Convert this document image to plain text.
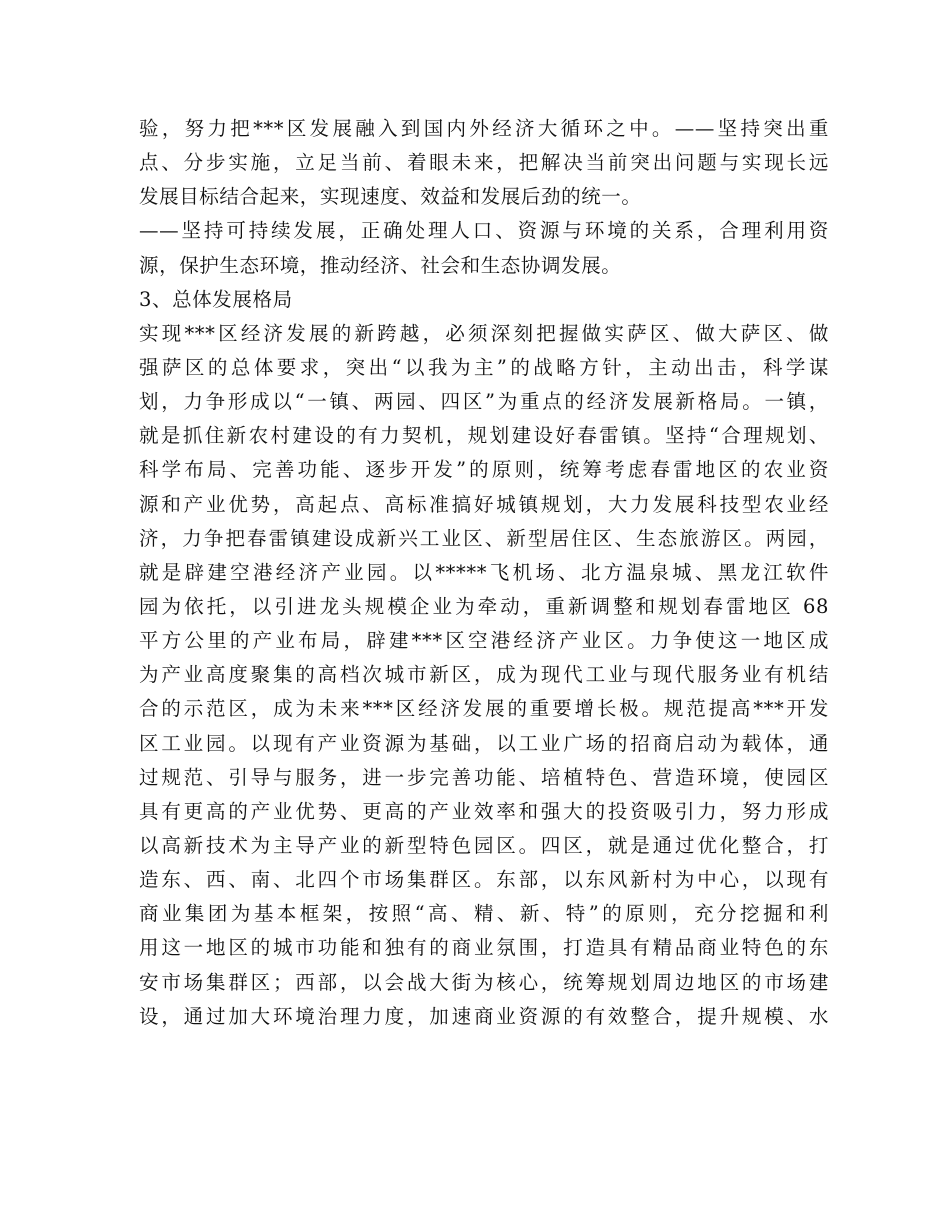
验，努力把***区发展融入到国内外经济大循环之中。——坚持突出重
点、分步实施，立足当前、着眼未来，把解决当前突出问题与实现长远
发展目标结合起来，实现速度、效益和发展后劲的统一。
——坚持可持续发展，正确处理人口、资源与环境的关系，合理利用资
源，保护生态环境，推动经济、社会和生态协调发展。
3、总体发展格局
实现***区经济发展的新跨越，必须深刻把握做实萨区、做大萨区、做
强萨区的总体要求，突出“以我为主”的战略方针，主动出击，科学谋
划，力争形成以“一镇、两园、四区”为重点的经济发展新格局。一镇，
就是抓住新农村建设的有力契机，规划建设好春雷镇。坚持“合理规划、
科学布局、完善功能、逐步开发”的原则，统筹考虑春雷地区的农业资
源和产业优势，高起点、高标准搞好城镇规划，大力发展科技型农业经
济，力争把春雷镇建设成新兴工业区、新型居住区、生态旅游区。两园，
就是辟建空港经济产业园。以*****飞机场、北方温泉城、黑龙江软件
园为依托，以引进龙头规模企业为牵动，重新调整和规划春雷地区 68
平方公里的产业布局，辟建***区空港经济产业区。力争使这一地区成
为产业高度聚集的高档次城市新区，成为现代工业与现代服务业有机结
合的示范区，成为未来***区经济发展的重要增长极。规范提高***开发
区工业园。以现有产业资源为基础，以工业广场的招商启动为载体，通
过规范、引导与服务，进一步完善功能、培植特色、营造环境，使园区
具有更高的产业优势、更高的产业效率和强大的投资吸引力，努力形成
以高新技术为主导产业的新型特色园区。四区，就是通过优化整合，打
造东、西、南、北四个市场集群区。东部，以东风新村为中心，以现有
商业集团为基本框架，按照“高、精、新、特”的原则，充分挖掘和利
用这一地区的城市功能和独有的商业氛围，打造具有精品商业特色的东
安市场集群区；西部，以会战大街为核心，统筹规划周边地区的市场建
设，通过加大环境治理力度，加速商业资源的有效整合，提升规模、水
